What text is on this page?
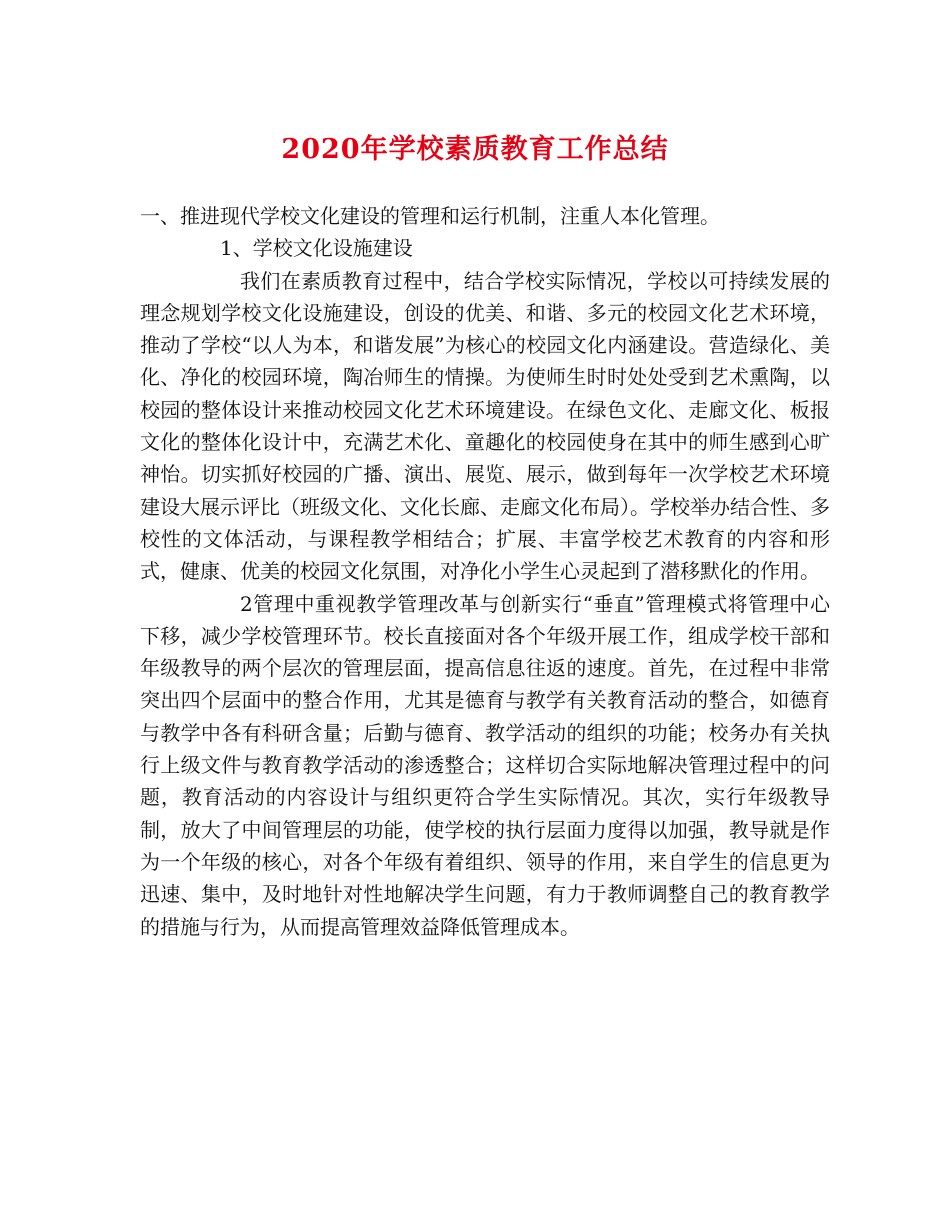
2020年学校素质教育工作总结

一、推进现代学校文化建设的管理和运行机制，注重人本化管理。

1、学校文化设施建设

我们在素质教育过程中，结合学校实际情况，学校以可持续发展的理念规划学校文化设施建设，创设的优美、和谐、多元的校园文化艺术环境，推动了学校“以人为本，和谐发展”为核心的校园文化内涵建设。营造绿化、美化、净化的校园环境，陶冶师生的情操。为使师生时时处处受到艺术熏陶，以校园的整体设计来推动校园文化艺术环境建设。在绿色文化、走廊文化、板报文化的整体化设计中，充满艺术化、童趣化的校园使身在其中的师生感到心旷神怡。切实抓好校园的广播、演出、展览、展示，做到每年一次学校艺术环境建设大展示评比（班级文化、文化长廊、走廊文化布局）。学校举办结合性、多校性的文体活动，与课程教学相结合；扩展、丰富学校艺术教育的内容和形式，健康、优美的校园文化氛围，对净化小学生心灵起到了潜移默化的作用。

2管理中重视教学管理改革与创新实行“垂直”管理模式将管理中心下移，减少学校管理环节。校长直接面对各个年级开展工作，组成学校干部和年级教导的两个层次的管理层面，提高信息往返的速度。首先，在过程中非常突出四个层面中的整合作用，尤其是德育与教学有关教育活动的整合，如德育与教学中各有科研含量；后勤与德育、教学活动的组织的功能；校务办有关执行上级文件与教育教学活动的渗透整合；这样切合实际地解决管理过程中的问题，教育活动的内容设计与组织更符合学生实际情况。其次，实行年级教导制，放大了中间管理层的功能，使学校的执行层面力度得以加强，教导就是作为一个年级的核心，对各个年级有着组织、领导的作用，来自学生的信息更为迅速、集中，及时地针对性地解决学生问题，有力于教师调整自己的教育教学的措施与行为，从而提高管理效益降低管理成本。
